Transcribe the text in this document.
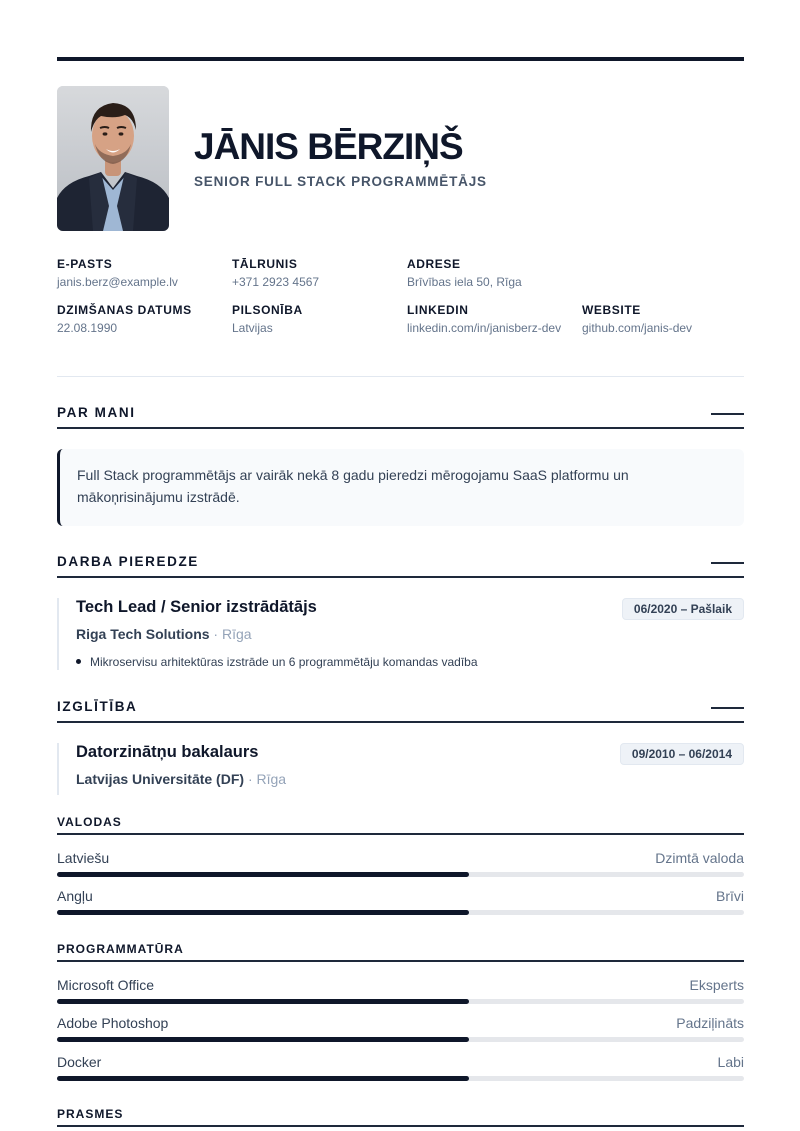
JĀNIS BĒRZIŅŠ
SENIOR FULL STACK PROGRAMMĒTĀJS
E-PASTS
janis.berz@example.lv
TĀLRUNIS
+371 2923 4567
ADRESE
Brīvības iela 50, Rīga
DZIMŠANAS DATUMS
22.08.1990
PILSONĪBA
Latvijas
LINKEDIN
linkedin.com/in/janisberz-dev
WEBSITE
github.com/janis-dev
PAR MANI
Full Stack programmētājs ar vairāk nekā 8 gadu pieredzi mērogojamu SaaS platformu un mākoņrisinājumu izstrādē.
DARBA PIEREDZE
Tech Lead / Senior izstrādātājs
Riga Tech Solutions · Rīga
06/2020 – Pašlaik
Mikroservisu arhitektūras izstrāde un 6 programmētāju komandas vadība
IZGLĪTĪBA
Datorzinātņu bakalaurs
Latvijas Universitāte (DF) · Rīga
09/2010 – 06/2014
VALODAS
Latviešu	Dzimtā valoda
Angļu	Brīvi
PROGRAMMATŪRA
Microsoft Office	Eksperts
Adobe Photoshop	Padziļināts
Docker	Labi
PRASMES
